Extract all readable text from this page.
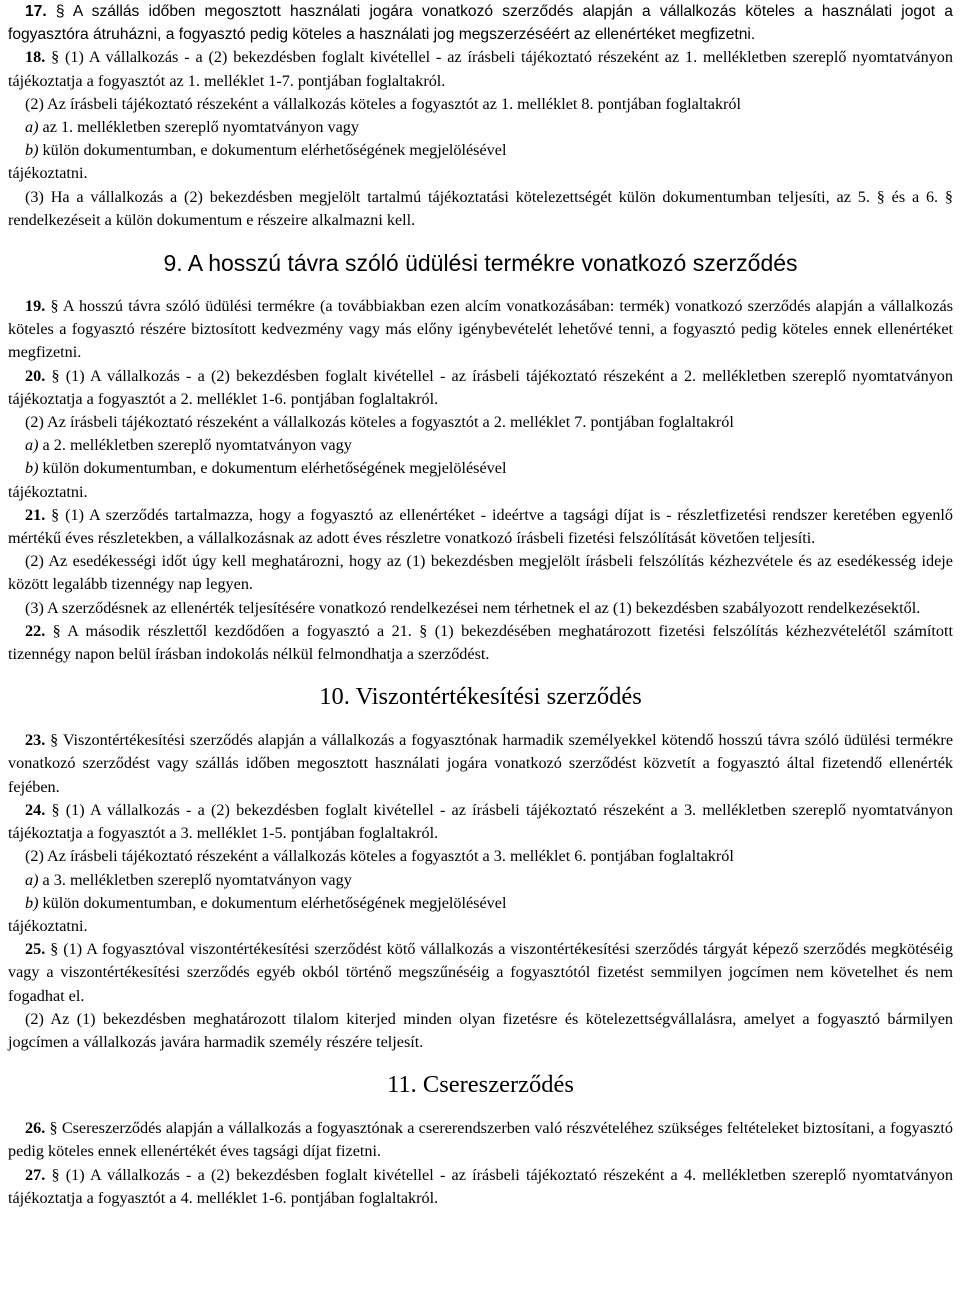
17. § A szállás időben megosztott használati jogára vonatkozó szerződés alapján a vállalkozás köteles a használati jogot a fogyasztóra átruházni, a fogyasztó pedig köteles a használati jog megszerzéséért az ellenértéket megfizetni.

18. § (1) A vállalkozás - a (2) bekezdésben foglalt kivétellel - az írásbeli tájékoztató részeként az 1. mellékletben szereplő nyomtatványon tájékoztatja a fogyasztót az 1. melléklet 1-7. pontjában foglaltakról.

(2) Az írásbeli tájékoztató részeként a vállalkozás köteles a fogyasztót az 1. melléklet 8. pontjában foglaltakról

a) az 1. mellékletben szereplő nyomtatványon vagy

b) külön dokumentumban, e dokumentum elérhetőségének megjelölésével

tájékoztatni.

(3) Ha a vállalkozás a (2) bekezdésben megjelölt tartalmú tájékoztatási kötelezettségét külön dokumentumban teljesíti, az 5. § és a 6. § rendelkezéseit a külön dokumentum e részeire alkalmazni kell.

9. A hosszú távra szóló üdülési termékre vonatkozó szerződés

19. § A hosszú távra szóló üdülési termékre (a továbbiakban ezen alcím vonatkozásában: termék) vonatkozó szerződés alapján a vállalkozás köteles a fogyasztó részére biztosított kedvezmény vagy más előny igénybevételét lehetővé tenni, a fogyasztó pedig köteles ennek ellenértéket megfizetni.

20. § (1) A vállalkozás - a (2) bekezdésben foglalt kivétellel - az írásbeli tájékoztató részeként a 2. mellékletben szereplő nyomtatványon tájékoztatja a fogyasztót a 2. melléklet 1-6. pontjában foglaltakról.

(2) Az írásbeli tájékoztató részeként a vállalkozás köteles a fogyasztót a 2. melléklet 7. pontjában foglaltakról

a) a 2. mellékletben szereplő nyomtatványon vagy

b) külön dokumentumban, e dokumentum elérhetőségének megjelölésével

tájékoztatni.

21. § (1) A szerződés tartalmazza, hogy a fogyasztó az ellenértéket - ideértve a tagsági díjat is - részletfizetési rendszer keretében egyenlő mértékű éves részletekben, a vállalkozásnak az adott éves részletre vonatkozó írásbeli fizetési felszólítását követően teljesíti.

(2) Az esedékességi időt úgy kell meghatározni, hogy az (1) bekezdésben megjelölt írásbeli felszólítás kézhezvétele és az esedékesség ideje között legalább tizennégy nap legyen.

(3) A szerződésnek az ellenérték teljesítésére vonatkozó rendelkezései nem térhetnek el az (1) bekezdésben szabályozott rendelkezésektől.

22. § A második részlettől kezdődően a fogyasztó a 21. § (1) bekezdésében meghatározott fizetési felszólítás kézhezvételétől számított tizennégy napon belül írásban indokolás nélkül felmondhatja a szerződést.

10. Viszontértékesítési szerződés

23. § Viszontértékesítési szerződés alapján a vállalkozás a fogyasztónak harmadik személyekkel kötendő hosszú távra szóló üdülési termékre vonatkozó szerződést vagy szállás időben megosztott használati jogára vonatkozó szerződést közvetít a fogyasztó által fizetendő ellenérték fejében.

24. § (1) A vállalkozás - a (2) bekezdésben foglalt kivétellel - az írásbeli tájékoztató részeként a 3. mellékletben szereplő nyomtatványon tájékoztatja a fogyasztót a 3. melléklet 1-5. pontjában foglaltakról.

(2) Az írásbeli tájékoztató részeként a vállalkozás köteles a fogyasztót a 3. melléklet 6. pontjában foglaltakról

a) a 3. mellékletben szereplő nyomtatványon vagy

b) külön dokumentumban, e dokumentum elérhetőségének megjelölésével

tájékoztatni.

25. § (1) A fogyasztóval viszontértékesítési szerződést kötő vállalkozás a viszontértékesítési szerződés tárgyát képező szerződés megkötéséig vagy a viszontértékesítési szerződés egyéb okból történő megszűnéséig a fogyasztótól fizetést semmilyen jogcímen nem követelhet és nem fogadhat el.

(2) Az (1) bekezdésben meghatározott tilalom kiterjed minden olyan fizetésre és kötelezettségvállalásra, amelyet a fogyasztó bármilyen jogcímen a vállalkozás javára harmadik személy részére teljesít.

11. Csereszerződés

26. § Csereszerződés alapján a vállalkozás a fogyasztónak a csererendszerben való részvételéhez szükséges feltételeket biztosítani, a fogyasztó pedig köteles ennek ellenértékét éves tagsági díjat fizetni.

27. § (1) A vállalkozás - a (2) bekezdésben foglalt kivétellel - az írásbeli tájékoztató részeként a 4. mellékletben szereplő nyomtatványon tájékoztatja a fogyasztót a 4. melléklet 1-6. pontjában foglaltakról.
